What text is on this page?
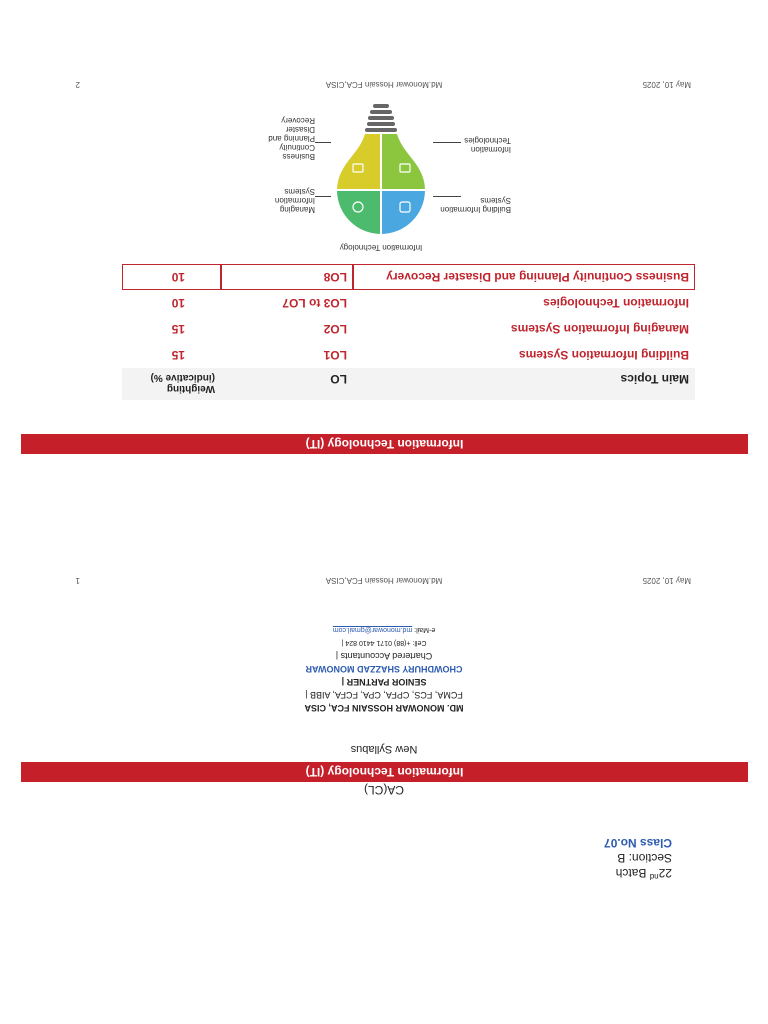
May 10, 2025
Md.Monowar Hossain FCA,CISA
1
22nd Batch
Section: B
Class No.07
CA(CL)
Information Technology (IT)
New Syllabus
MD. MONOWAR HOSSAIN FCA, CISA
FCMA, FCS, CPFA, CPA, FCFA, AIBB |
SENIOR PARTNER |
CHOWDHURY SHAZZAD MONOWAR
Chartered Accountants |
Cell: +(88) 0171 4410 824 |
e-Mail: md.monowar@gmail.com
Information Technology (IT)
Main Topics	LO	Weighting (indicative %)
Building Information Systems	LO1	15
Managing Information Systems	LO2	15
Information Technologies	LO3 to LO7	10
Business Continuity Planning and Disaster Recovery	LO8	10
Information Technology
Building Information Systems
Managing Information Systems
Information Technologies
Business Continuity Planning and Disaster Recovery
May 10, 2025
Md.Monowar Hossain FCA,CISA
2
